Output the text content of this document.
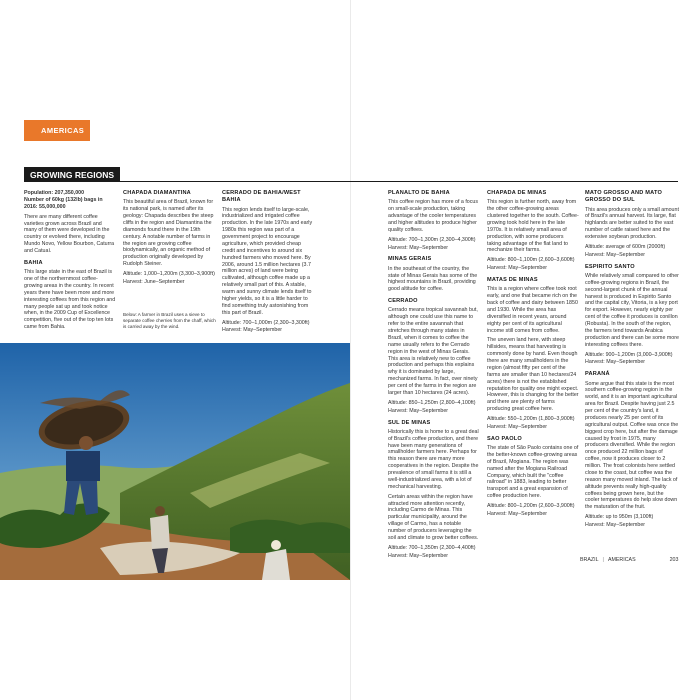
AMERICAS
GROWING REGIONS

Population: 207,350,000

Number of 60kg (132lb) bags in 2016: 55,000,000

There are many different coffee varieties grown across Brazil and many of them were developed in the country or evolved there, including Mundo Novo, Yellow Bourbon, Caturra and Catuaí.

BAHIA

This large state in the east of Brazil is one of the northernmost coffee-growing areas in the country. In recent years there have been more and more interesting coffees from this region and many people sat up and took notice when, in the 2009 Cup of Excellence competition, five out of the top ten lots came from Bahia.

CHAPADA DIAMANTINA

This beautiful area of Brazil, known for its national park, is named after its geology: Chapada describes the steep cliffs in the region and Diamantina the diamonds found there in the 19th century. A notable number of farms in the region are growing coffee biodynamically, an organic method of production originally developed by Rudolph Steiner.

Altitude: 1,000–1,200m (3,300–3,900ft)

Harvest: June–September

Below: A farmer in Brazil uses a sieve to separate coffee cherries from the chaff, which is carried away by the wind.
CERRADO DE BAHIA/WEST BAHIA

This region lends itself to large-scale, industrialized and irrigated coffee production. In the late 1970s and early 1980s this region was part of a government project to encourage agriculture, which provided cheap credit and incentives to around six hundred farmers who moved here. By 2006, around 1.5 million hectares (3.7 million acres) of land were being cultivated, although coffee made up a relatively small part of this. A stable, warm and sunny climate lends itself to higher yields, so it is a little harder to find something truly astonishing from this part of Brazil.

Altitude: 700–1,000m (2,300–3,300ft)

Harvest: May–September

PLANALTO DE BAHIA

This coffee region has more of a focus on small-scale production, taking advantage of the cooler temperatures and higher altitudes to produce higher quality coffees.

Altitude: 700–1,300m (2,300–4,300ft)

Harvest: May–September

MINAS GERAIS

In the southeast of the country, the state of Minas Gerais has some of the highest mountains in Brazil, providing good altitude for coffee.

CERRADO

Cerrado means tropical savannah but, although one could use this name to refer to the entire savannah that stretches through many states in Brazil, when it comes to coffee the name usually refers to the Cerrado region in the west of Minas Gerais. This area is relatively new to coffee production and perhaps this explains why it is dominated by large, mechanized farms. In fact, over ninety per cent of the farms in the region are larger than 10 hectares (24 acres).

Altitude: 850–1,250m (2,800–4,100ft)

Harvest: May–September

SUL DE MINAS

Historically this is home to a great deal of Brazil's coffee production, and there have been many generations of smallholder farmers here. Perhaps for this reason there are many more cooperatives in the region. Despite the prevalence of small farms it is still a well-industrialized area, with a lot of mechanical harvesting.

Certain areas within the region have attracted more attention recently, including Carmo de Minas. This particular municipality, around the village of Carmo, has a notable number of producers leveraging the soil and climate to grow better coffees.

Altitude: 700–1,350m (2,300–4,400ft)

Harvest: May–September

CHAPADA DE MINAS

This region is further north, away from the other coffee-growing areas clustered together to the south. Coffee-growing took hold here in the late 1970s. It is relatively small area of production, with some producers taking advantage of the flat land to mechanize their farms.

Altitude: 800–1,100m (2,600–3,600ft)

Harvest: May–September

MATAS DE MINAS

This is a region where coffee took root early, and one that became rich on the back of coffee and dairy between 1850 and 1930. While the area has diversified in recent years, around eighty per cent of its agricultural income still comes from coffee.

The uneven land here, with steep hillsides, means that harvesting is commonly done by hand. Even though there are many smallholders in the region (almost fifty per cent of the farms are smaller than 10 hectares/24 acres) there is not the established reputation for quality one might expect. However, this is changing for the better and there are plenty of farms producing great coffee here.

Altitude: 550–1,200m (1,800–3,900ft)

Harvest: May–September

SAO PAOLO

The state of São Paolo contains one of the better-known coffee-growing areas of Brazil, Mogiana. The region was named after the Mogiana Railroad Company, which built the "coffee railroad" in 1883, leading to better transport and a great expansion of coffee production here.

Altitude: 800–1,200m (2,600–3,900ft)

Harvest: May–September

MATO GROSSO AND MATO GROSSO DO SUL

This area produces only a small amount of Brazil's annual harvest. Its large, flat highlands are better suited to the vast number of cattle raised here and the extensive soybean production.

Altitude: average of 600m (2000ft)

Harvest: May–September

ESPIRITO SANTO

While relatively small compared to other coffee-growing regions in Brazil, the second-largest chunk of the annual harvest is produced in Espirito Santo and the capital city, Vitoria, is a key port for export. However, nearly eighty per cent of the coffee it produces is conillon (Robusta). In the south of the region, the farmers tend towards Arabica production and there can be some more interesting coffees there.

Altitude: 900–1,200m (3,000–3,900ft)

Harvest: May–September

PARANÁ

Some argue that this state is the most southern coffee-growing region in the world, and it is an important agricultural area for Brazil. Despite having just 2.5 per cent of the country's land, it produces nearly 25 per cent of its agricultural output. Coffee was once the biggest crop here, but after the damage caused by frost in 1975, many producers diversified. While the region once produced 22 million bags of coffee, now it produces closer to 2 million. The frost colonists here settled close to the coast, but coffee was the reason many moved inland. The lack of altitude prevents really high-quality coffees being grown here, but the cooler temperatures do help slow down the maturation of the fruit.

Altitude: up to 950m (3,100ft)

Harvest: May–September

BRAZIL | AMERICAS	203
